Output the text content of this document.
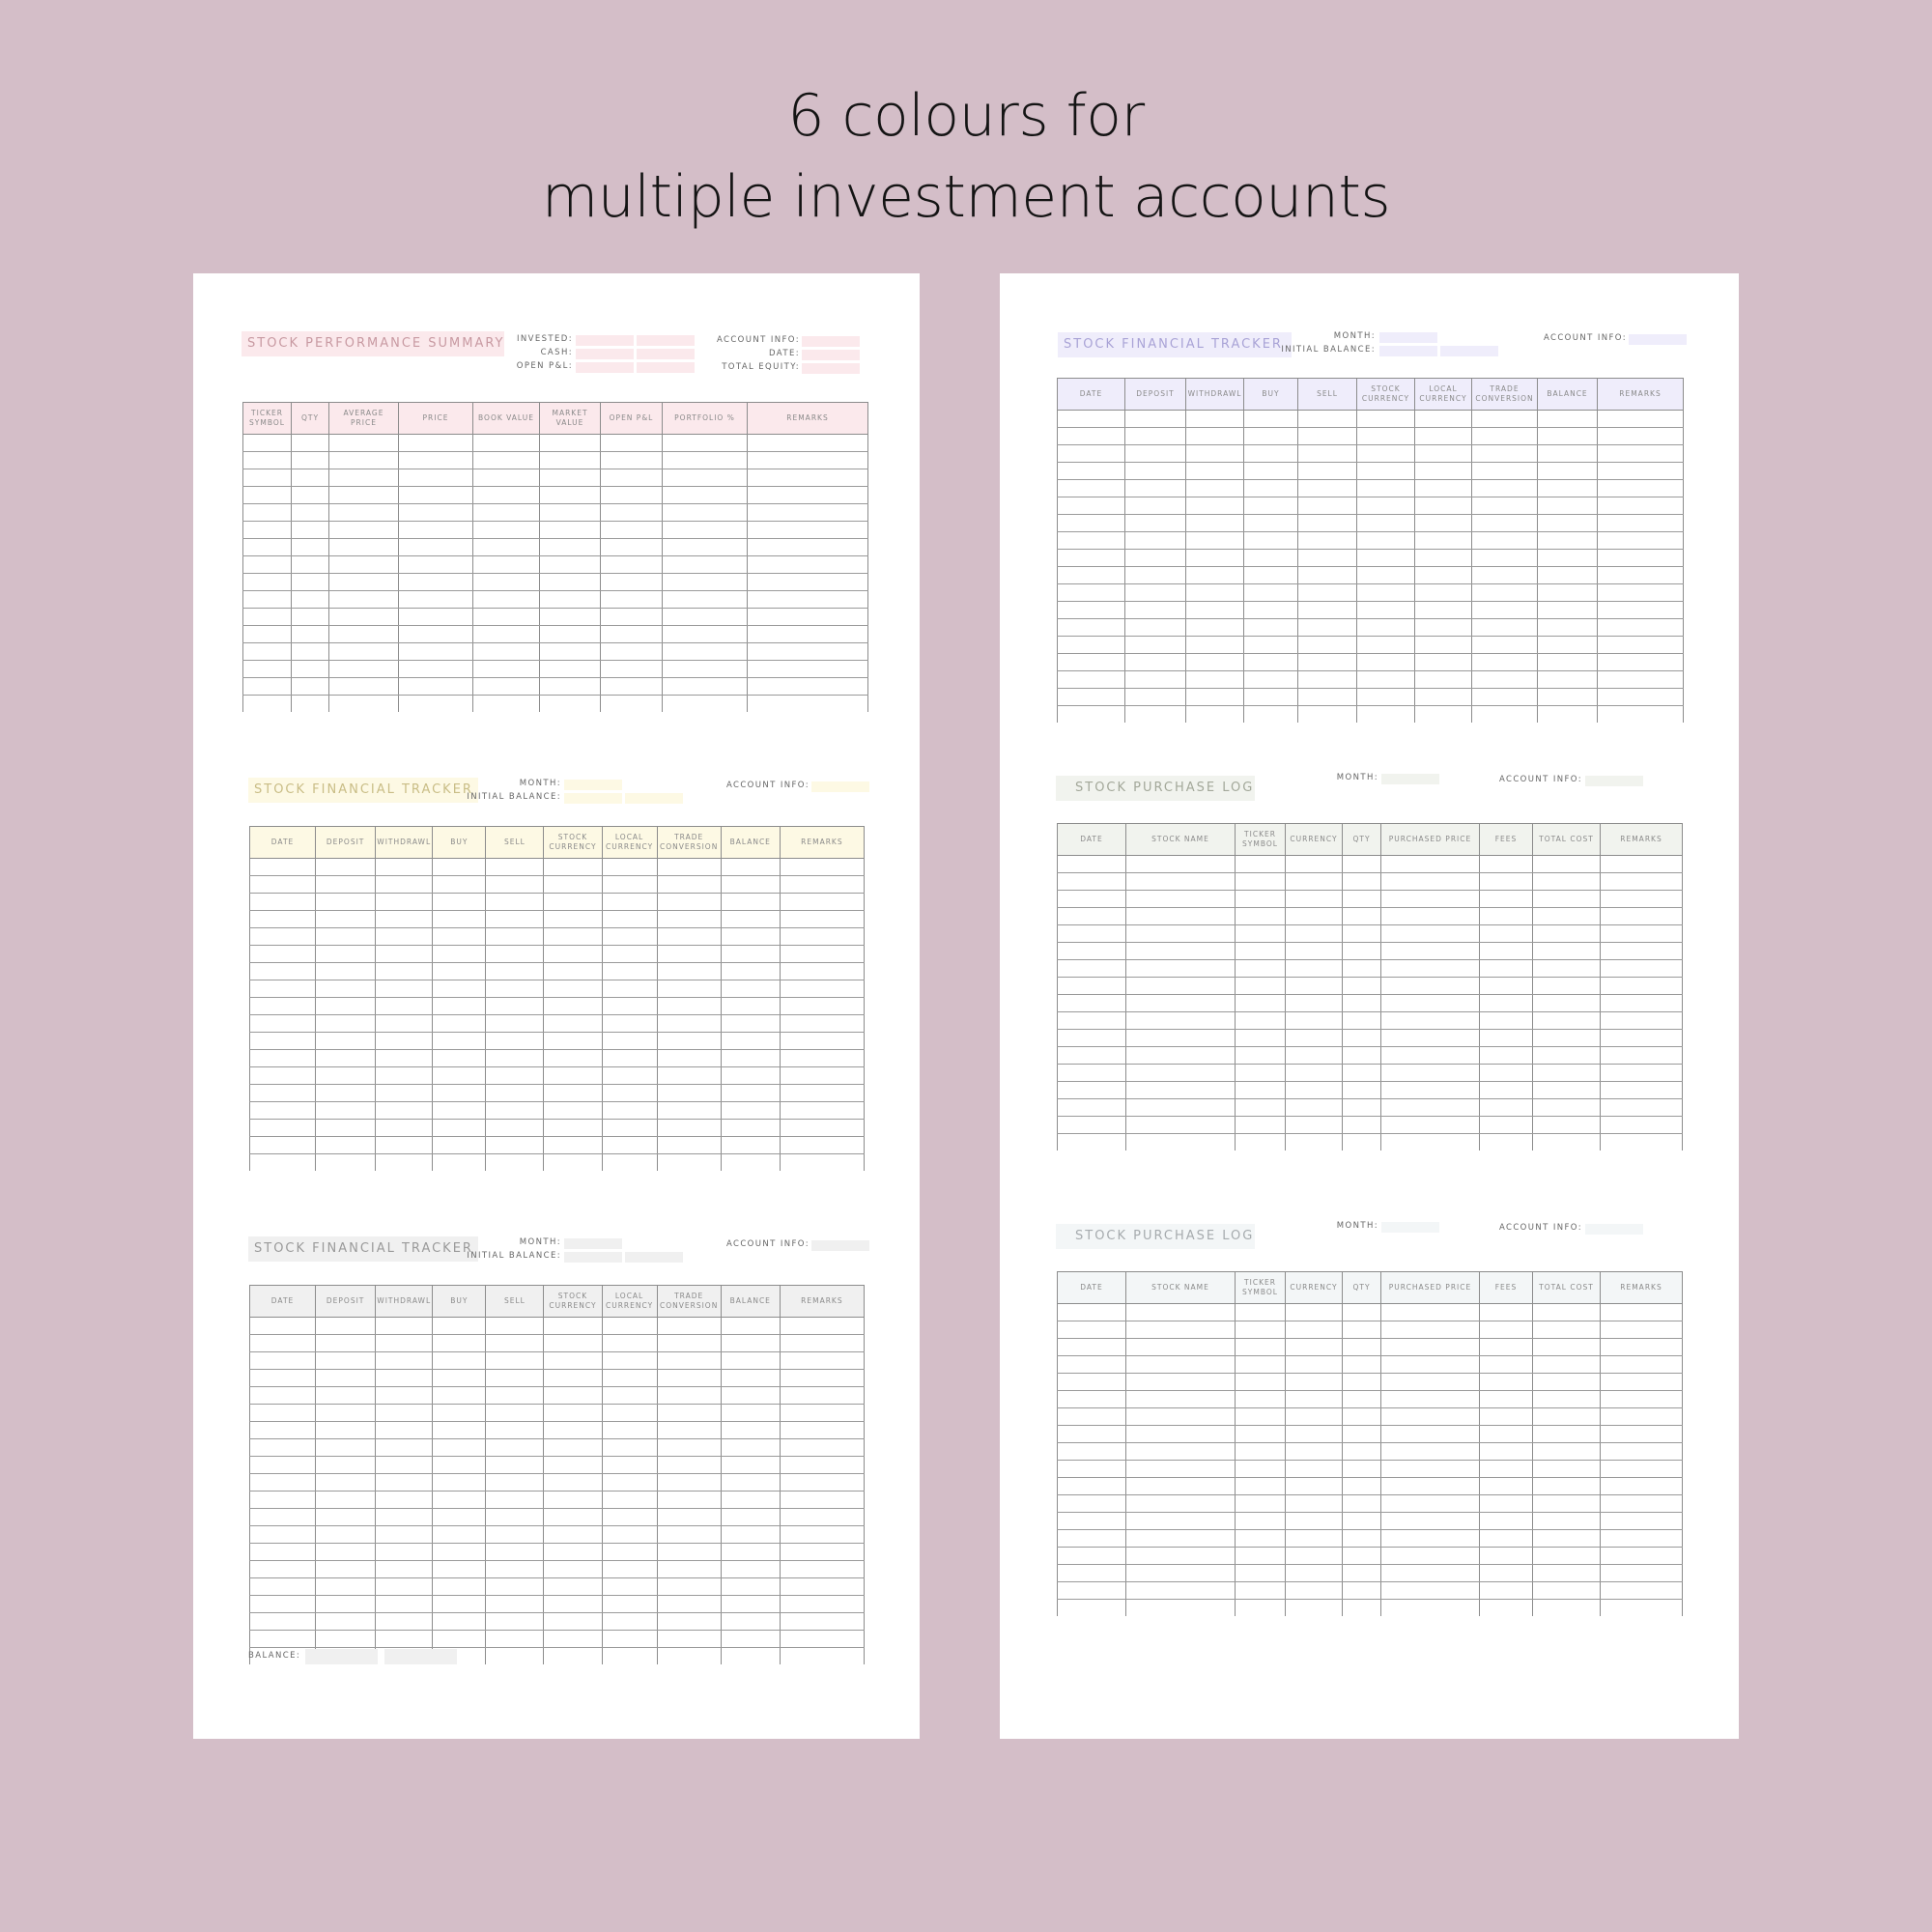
6 colours for
multiple investment accounts
STOCK PERFORMANCE SUMMARY	INVESTED:
CASH:
OPEN P&L:
ACCOUNT INFO:
DATE:
TOTAL EQUITY:
TICKER SYMBOL	QTY	AVERAGE PRICE	PRICE	BOOK VALUE	MARKET VALUE	OPEN P&L	PORTFOLIO %	REMARKS

STOCK FINANCIAL TRACKER	MONTH:
INITIAL BALANCE:
ACCOUNT INFO:
DATE	DEPOSIT	WITHDRAWL	BUY	SELL	STOCK CURRENCY	LOCAL CURRENCY	TRADE CONVERSION	BALANCE	REMARKS

STOCK FINANCIAL TRACKER	MONTH:
INITIAL BALANCE:
ACCOUNT INFO:
DATE	DEPOSIT	WITHDRAWL	BUY	SELL	STOCK CURRENCY	LOCAL CURRENCY	TRADE CONVERSION	BALANCE	REMARKS

BALANCE:
STOCK FINANCIAL TRACKER
MONTH:
INITIAL BALANCE:
ACCOUNT INFO:
DATE	DEPOSIT	WITHDRAWL	BUY	SELL	STOCK CURRENCY	LOCAL CURRENCY	TRADE CONVERSION	BALANCE	REMARKS

STOCK PURCHASE LOG
MONTH:	ACCOUNT INFO:
DATE	STOCK NAME	TICKER SYMBOL	CURRENCY	QTY	PURCHASED PRICE	FEES	TOTAL COST	REMARKS

STOCK PURCHASE LOG
MONTH:	ACCOUNT INFO:
DATE	STOCK NAME	TICKER SYMBOL	CURRENCY	QTY	PURCHASED PRICE	FEES	TOTAL COST	REMARKS
